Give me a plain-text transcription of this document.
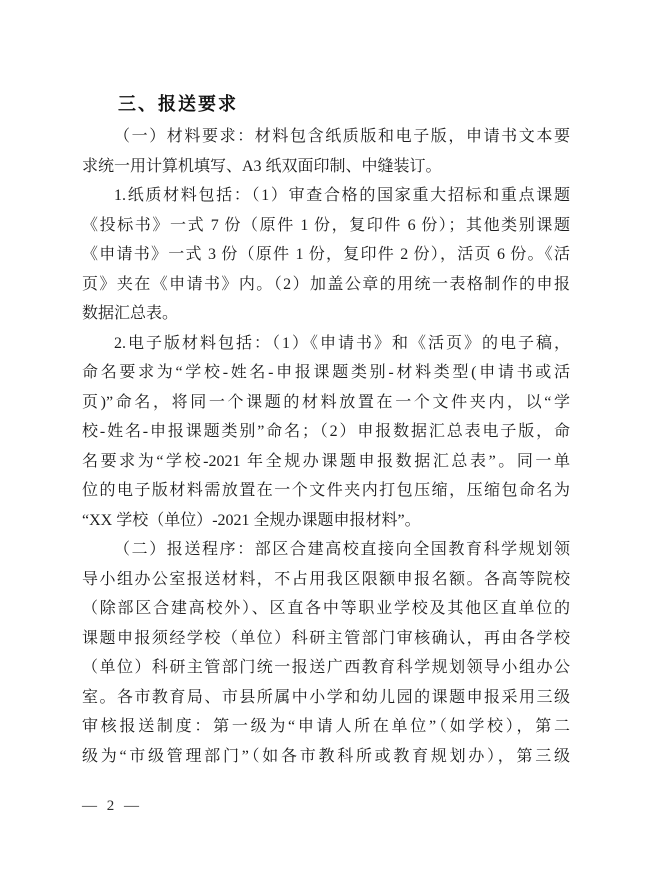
三、报送要求
（一）材料要求：材料包含纸质版和电子版，申请书文本要
求统一用计算机填写、A3 纸双面印制、中缝装订。
1.纸质材料包括：（1）审查合格的国家重大招标和重点课题
《投标书》一式 7 份（原件 1 份，复印件 6 份）；其他类别课题
《申请书》一式 3 份（原件 1 份，复印件 2 份），活页 6 份。《活
页》夹在《申请书》内。（2）加盖公章的用统一表格制作的申报
数据汇总表。
2.电子版材料包括：（1）《申请书》和《活页》的电子稿，
命名要求为“学校-姓名-申报课题类别-材料类型(申请书或活
页)”命名，将同一个课题的材料放置在一个文件夹内，以“学
校-姓名-申报课题类别”命名；（2）申报数据汇总表电子版，命
名要求为“学校-2021 年全规办课题申报数据汇总表”。同一单
位的电子版材料需放置在一个文件夹内打包压缩，压缩包命名为
“XX 学校（单位）-2021 全规办课题申报材料”。
（二）报送程序：部区合建高校直接向全国教育科学规划领
导小组办公室报送材料，不占用我区限额申报名额。各高等院校
（除部区合建高校外）、区直各中等职业学校及其他区直单位的
课题申报须经学校（单位）科研主管部门审核确认，再由各学校
（单位）科研主管部门统一报送广西教育科学规划领导小组办公
室。各市教育局、市县所属中小学和幼儿园的课题申报采用三级
审核报送制度：第一级为“申请人所在单位”（如学校），第二
级为“市级管理部门”（如各市教科所或教育规划办），第三级
— 2 —
